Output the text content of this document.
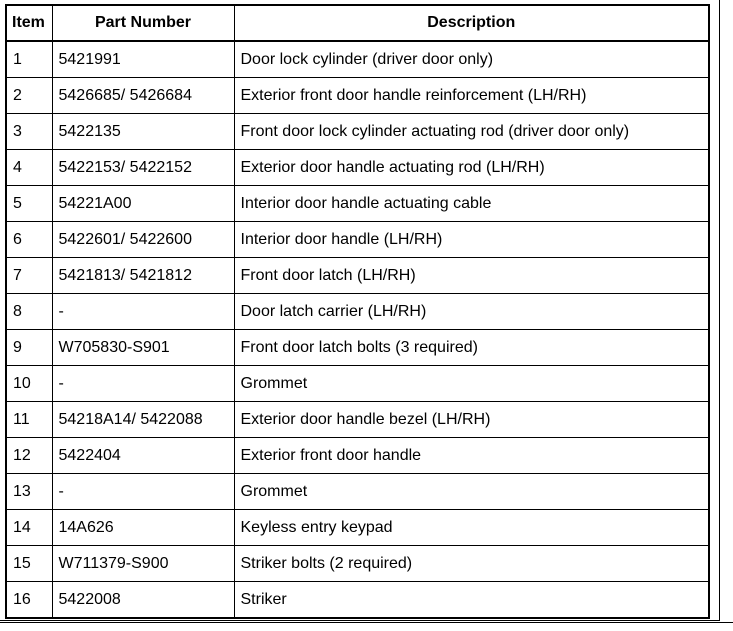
Item	Part Number	Description
1	5421991	Door lock cylinder (driver door only)
2	5426685/ 5426684	Exterior front door handle reinforcement (LH/RH)
3	5422135	Front door lock cylinder actuating rod (driver door only)
4	5422153/ 5422152	Exterior door handle actuating rod (LH/RH)
5	54221A00	Interior door handle actuating cable
6	5422601/ 5422600	Interior door handle (LH/RH)
7	5421813/ 5421812	Front door latch (LH/RH)
8	-	Door latch carrier (LH/RH)
9	W705830-S901	Front door latch bolts (3 required)
10	-	Grommet
11	54218A14/ 5422088	Exterior door handle bezel (LH/RH)
12	5422404	Exterior front door handle
13	-	Grommet
14	14A626	Keyless entry keypad
15	W711379-S900	Striker bolts (2 required)
16	5422008	Striker
